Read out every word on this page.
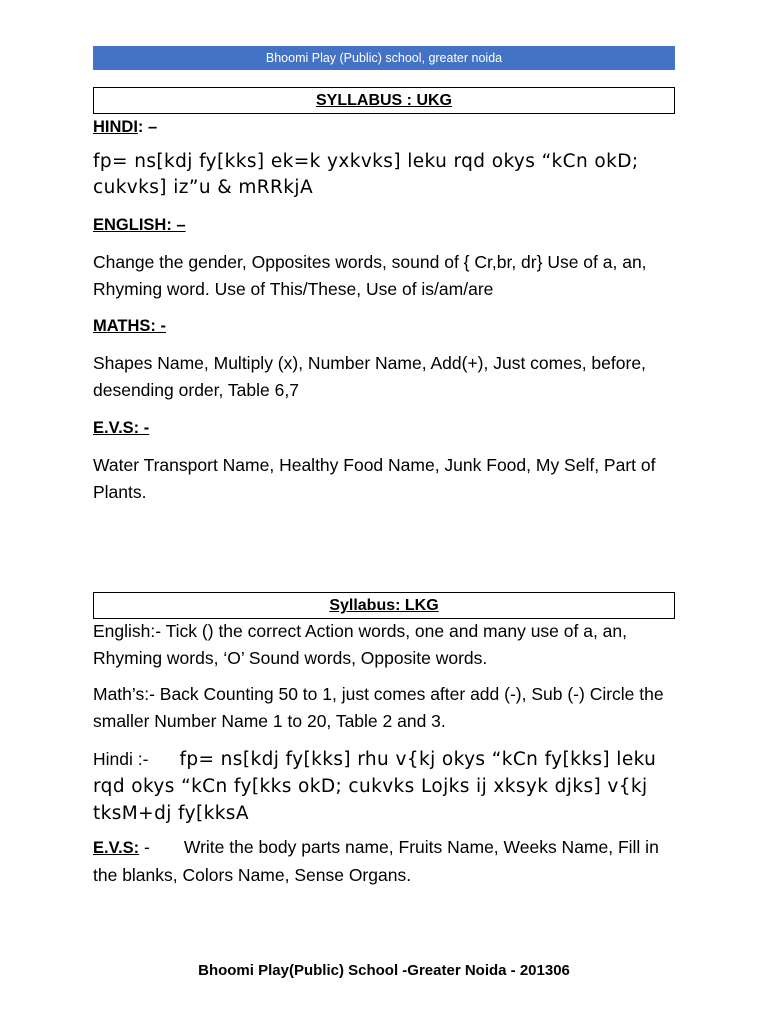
Bhoomi Play (Public) school, greater noida
SYLLABUS : UKG
HINDI: –
fp= ns[kdj fy[kks] ek=k yxkvks] leku rqd okys “kCn okD; cukvks] iz”u & mRRkjA
ENGLISH: –
Change the gender, Opposites words, sound of { Cr,br, dr} Use of a, an, Rhyming word. Use of This/These, Use of is/am/are
MATHS: -
Shapes Name, Multiply (x), Number Name, Add(+), Just comes, before, desending order, Table 6,7
E.V.S: -
Water Transport Name, Healthy Food Name, Junk Food, My Self, Part of Plants.
Syllabus: LKG
English:- Tick () the correct Action words, one and many use of a, an, Rhyming words, ‘O’ Sound words, Opposite words.
Math’s:- Back Counting 50 to 1, just comes after add (-), Sub (-) Circle the smaller Number Name 1 to 20, Table 2 and 3.
Hindi :- fp= ns[kdj fy[kks] rhu v{kj okys “kCn fy[kks] leku rqd okys “kCn fy[kks okD; cukvks Lojks ij xksyk djks] v{kj tksM+dj fy[kksA
E.V.S: - Write the body parts name, Fruits Name, Weeks Name, Fill in the blanks, Colors Name, Sense Organs.
Bhoomi Play(Public) School -Greater Noida - 201306
